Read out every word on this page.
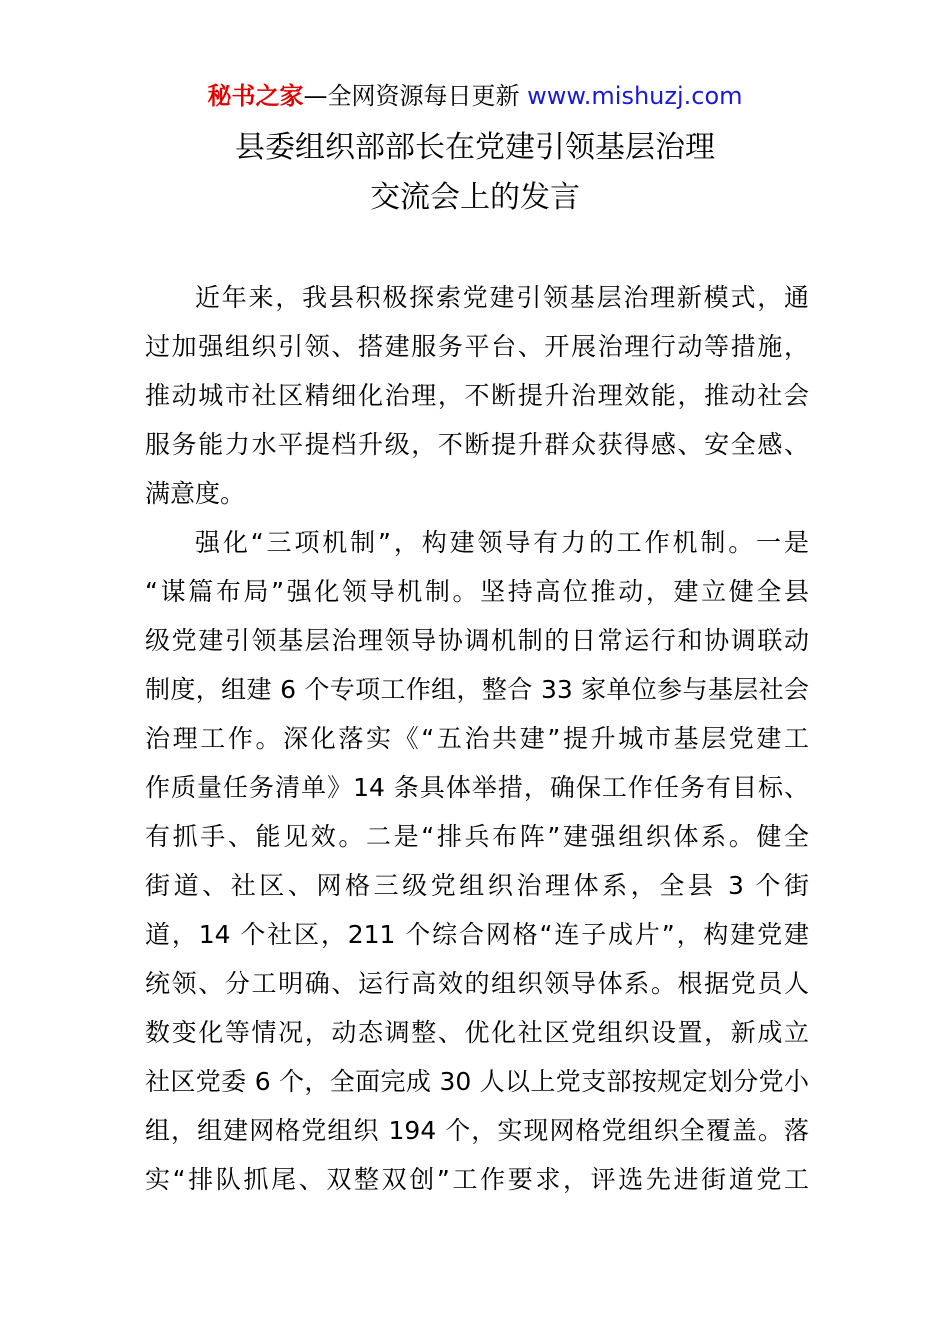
秘书之家—全网资源每日更新 www.mishuzj.com
县委组织部部长在党建引领基层治理
交流会上的发言
近年来，我县积极探索党建引领基层治理新模式，通
过加强组织引领、搭建服务平台、开展治理行动等措施，
推动城市社区精细化治理，不断提升治理效能，推动社会
服务能力水平提档升级，不断提升群众获得感、安全感、
满意度。
强化“三项机制”，构建领导有力的工作机制。一是
“谋篇布局”强化领导机制。坚持高位推动，建立健全县
级党建引领基层治理领导协调机制的日常运行和协调联动
制度，组建 6 个专项工作组，整合 33 家单位参与基层社会
治理工作。深化落实《“五治共建”提升城市基层党建工
作质量任务清单》14 条具体举措，确保工作任务有目标、
有抓手、能见效。二是“排兵布阵”建强组织体系。健全
街道、社区、网格三级党组织治理体系，全县 3 个街
道，14 个社区，211 个综合网格“连子成片”，构建党建
统领、分工明确、运行高效的组织领导体系。根据党员人
数变化等情况，动态调整、优化社区党组织设置，新成立
社区党委 6 个，全面完成 30 人以上党支部按规定划分党小
组，组建网格党组织 194 个，实现网格党组织全覆盖。落
实“排队抓尾、双整双创”工作要求，评选先进街道党工
